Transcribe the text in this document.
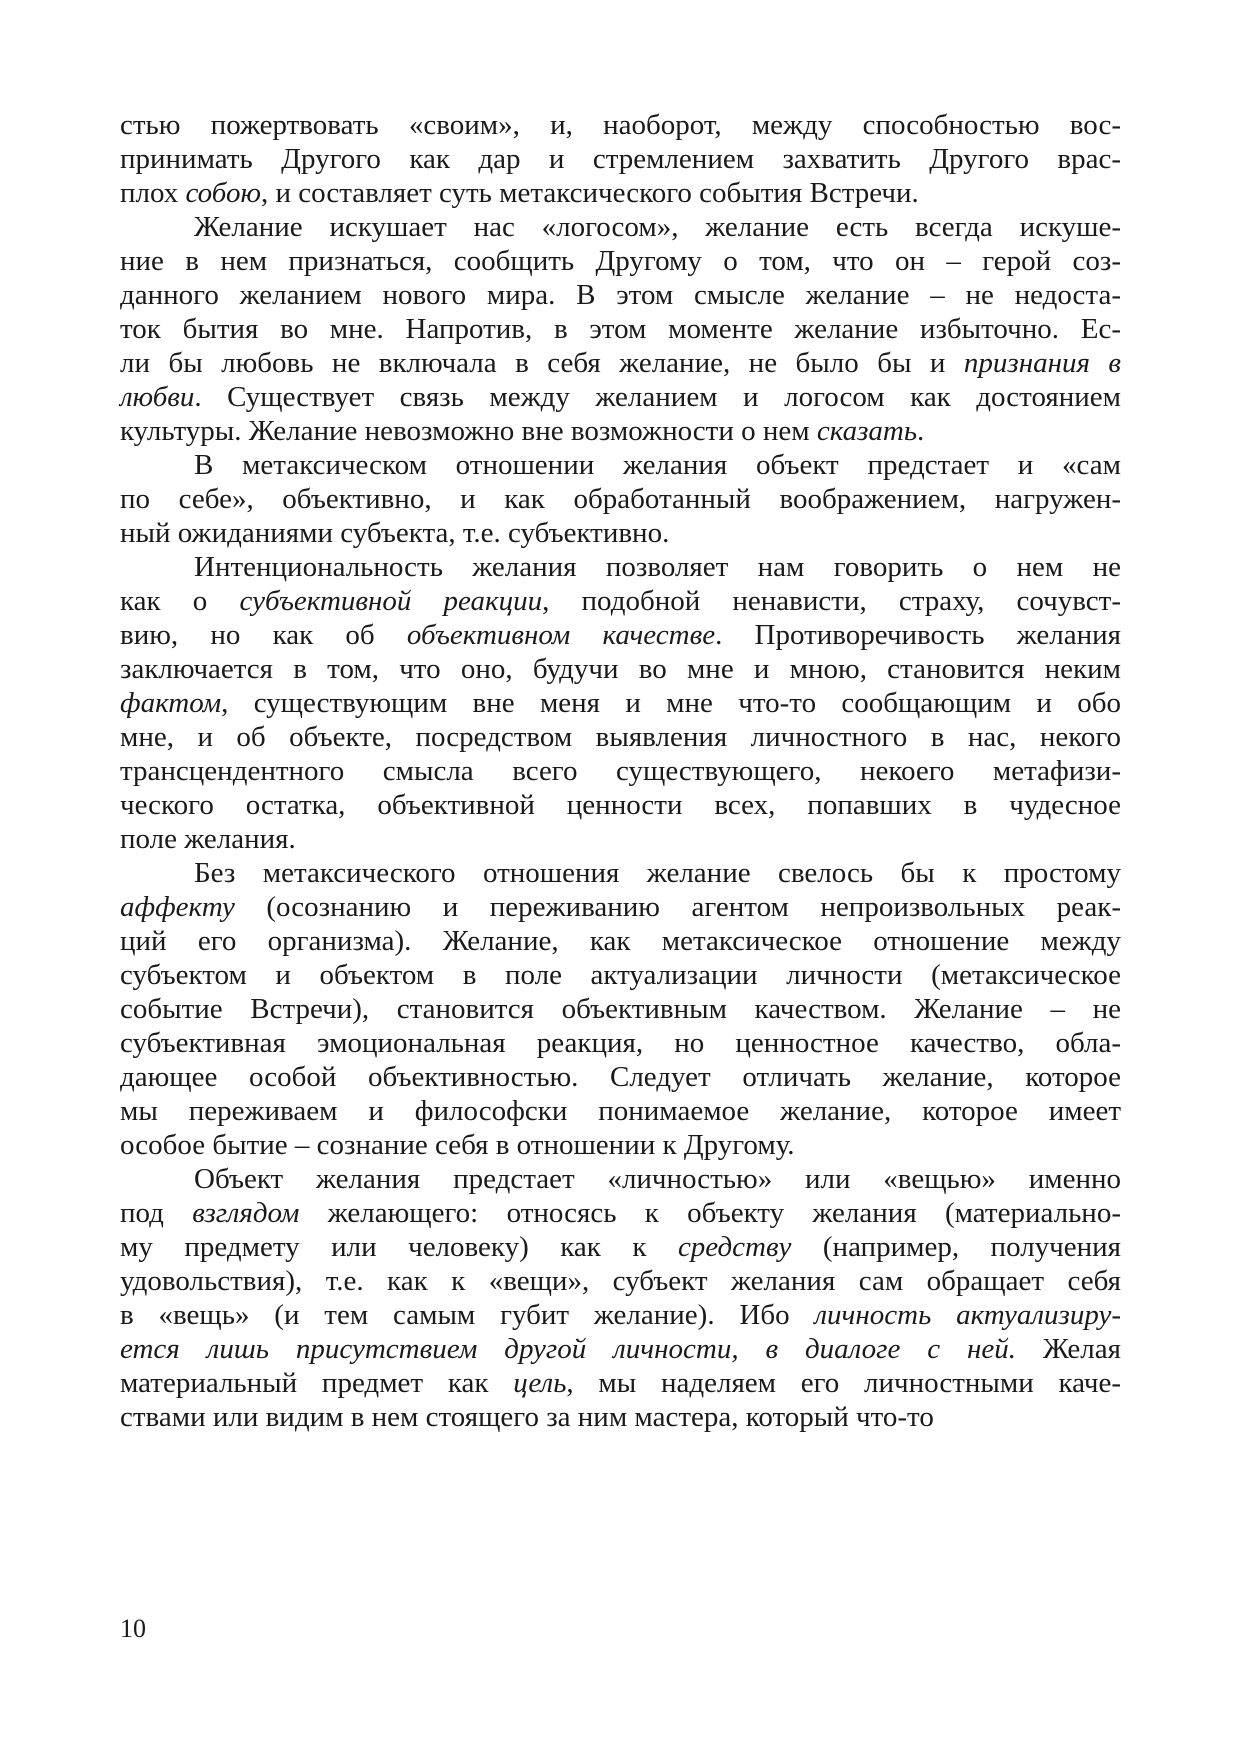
стью пожертвовать «своим», и, наоборот, между способностью вос-
принимать Другого как дар и стремлением захватить Другого врас-
плох собою, и составляет суть метаксического события Встречи.
Желание искушает нас «логосом», желание есть всегда искуше-
ние в нем признаться, сообщить Другому о том, что он – герой соз-
данного желанием нового мира. В этом смысле желание – не недоста-
ток бытия во мне. Напротив, в этом моменте желание избыточно. Ес-
ли бы любовь не включала в себя желание, не было бы и признания в
любви. Существует связь между желанием и логосом как достоянием
культуры. Желание невозможно вне возможности о нем сказать.
В метаксическом отношении желания объект предстает и «сам
по себе», объективно, и как обработанный воображением, нагружен-
ный ожиданиями субъекта, т.е. субъективно.
Интенциональность желания позволяет нам говорить о нем не
как о субъективной реакции, подобной ненависти, страху, сочувст-
вию, но как об объективном качестве. Противоречивость желания
заключается в том, что оно, будучи во мне и мною, становится неким
фактом, существующим вне меня и мне что-то сообщающим и обо
мне, и об объекте, посредством выявления личностного в нас, некого
трансцендентного смысла всего существующего, некоего метафизи-
ческого остатка, объективной ценности всех, попавших в чудесное
поле желания.
Без метаксического отношения желание свелось бы к простому
аффекту (осознанию и переживанию агентом непроизвольных реак-
ций его организма). Желание, как метаксическое отношение между
субъектом и объектом в поле актуализации личности (метаксическое
событие Встречи), становится объективным качеством. Желание – не
субъективная эмоциональная реакция, но ценностное качество, обла-
дающее особой объективностью. Следует отличать желание, которое
мы переживаем и философски понимаемое желание, которое имеет
особое бытие – сознание себя в отношении к Другому.
Объект желания предстает «личностью» или «вещью» именно
под взглядом желающего: относясь к объекту желания (материально-
му предмету или человеку) как к средству (например, получения
удовольствия), т.е. как к «вещи», субъект желания сам обращает себя
в «вещь» (и тем самым губит желание). Ибо личность актуализиру-
ется лишь присутствием другой личности, в диалоге с ней. Желая
материальный предмет как цель, мы наделяем его личностными каче-
ствами или видим в нем стоящего за ним мастера, который что-то
10
